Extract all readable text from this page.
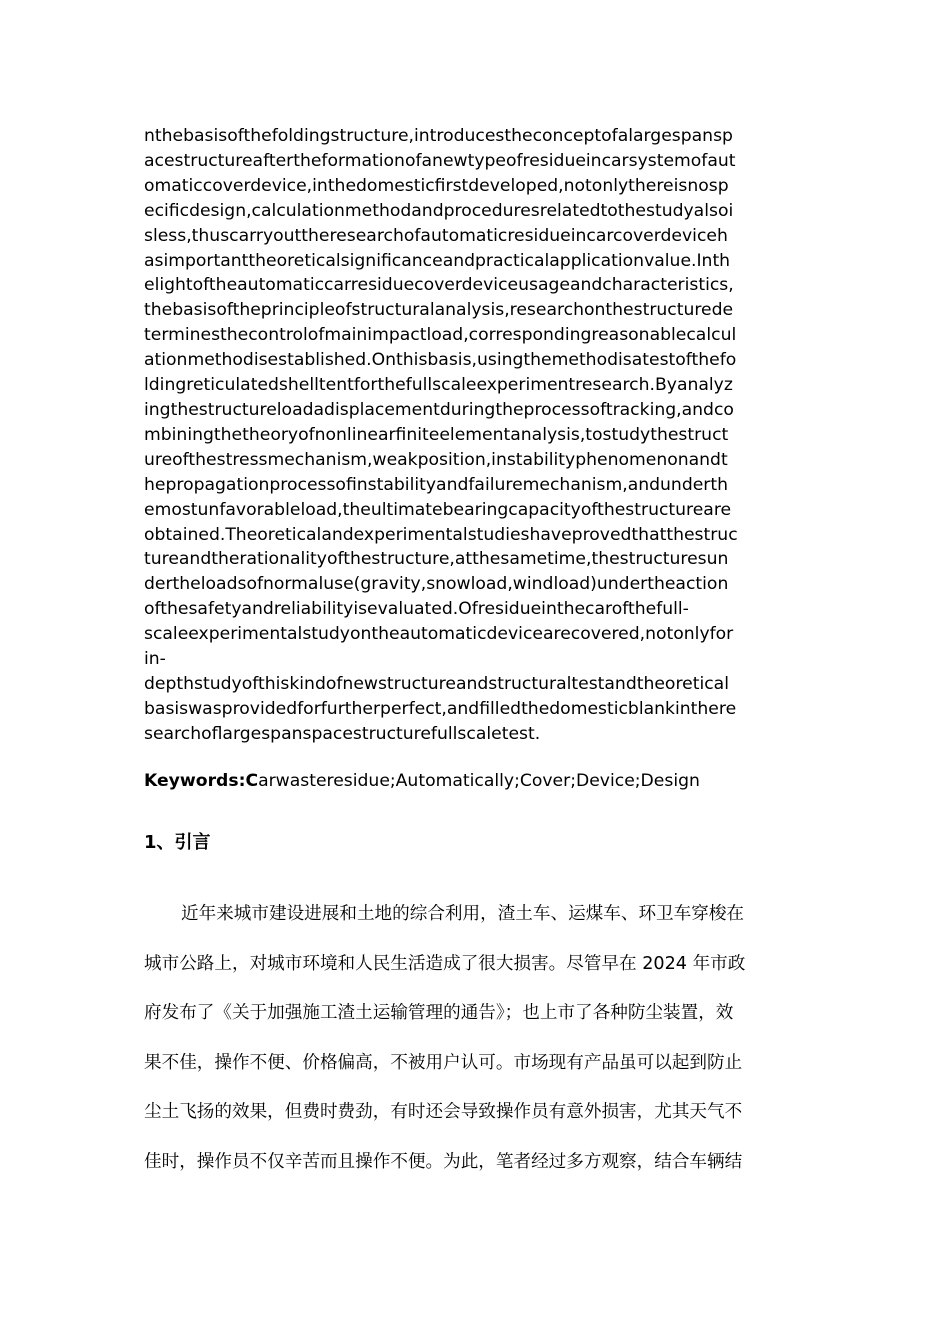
nthebasisofthefoldingstructure,introducestheconceptofalargespansp
acestructureaftertheformationofanewtypeofresidueincarsystemofaut
omaticcoverdevice,inthedomesticfirstdeveloped,notonlythereisnosp
ecificdesign,calculationmethodandproceduresrelatedtothestudyalsoi
sless,thuscarryouttheresearchofautomaticresidueincarcoverdeviceh
asimportanttheoreticalsignificanceandpracticalapplicationvalue.Inth
elightoftheautomaticcarresiduecoverdeviceusageandcharacteristics,
thebasisoftheprincipleofstructuralanalysis,researchonthestructurede
terminesthecontrolofmainimpactload,correspondingreasonablecalcul
ationmethodisestablished.Onthisbasis,usingthemethodisatestofthefo
ldingreticulatedshelltentforthefullscaleexperimentresearch.Byanalyz
ingthestructureloadadisplacementduringtheprocessoftracking,andco
mbiningthetheoryofnonlinearfiniteelementanalysis,tostudythestruct
ureofthestressmechanism,weakposition,instabilityphenomenonandt
hepropagationprocessofinstabilityandfailuremechanism,andunderth
emostunfavorableload,theultimatebearingcapacityofthestructureare
obtained.Theoreticalandexperimentalstudieshaveprovedthatthestruc
tureandtherationalityofthestructure,atthesametime,thestructuresun
dertheloadsofnormaluse(gravity,snowload,windload)undertheaction
ofthesafetyandreliabilityisevaluated.Ofresidueinthecarofthefull-
scaleexperimentalstudyontheautomaticdevicearecovered,notonlyfor
in-
depthstudyofthiskindofnewstructureandstructuraltestandtheoretical
basiswasprovidedforfurtherperfect,andfilledthedomesticblankinthere
searchoflargespanspacestructurefullscaletest.
Keywords:Carwasteresidue;Automatically;Cover;Device;Design
1、引言
近年来城市建设进展和土地的综合利用，渣土车、运煤车、环卫车穿梭在
城市公路上，对城市环境和人民生活造成了很大损害。尽管早在 2024 年市政
府发布了《关于加强施工渣土运输管理的通告》；也上市了各种防尘装置，效
果不佳，操作不便、价格偏高，不被用户认可。市场现有产品虽可以起到防止
尘土飞扬的效果，但费时费劲，有时还会导致操作员有意外损害，尤其天气不
佳时，操作员不仅辛苦而且操作不便。为此，笔者经过多方观察，结合车辆结
